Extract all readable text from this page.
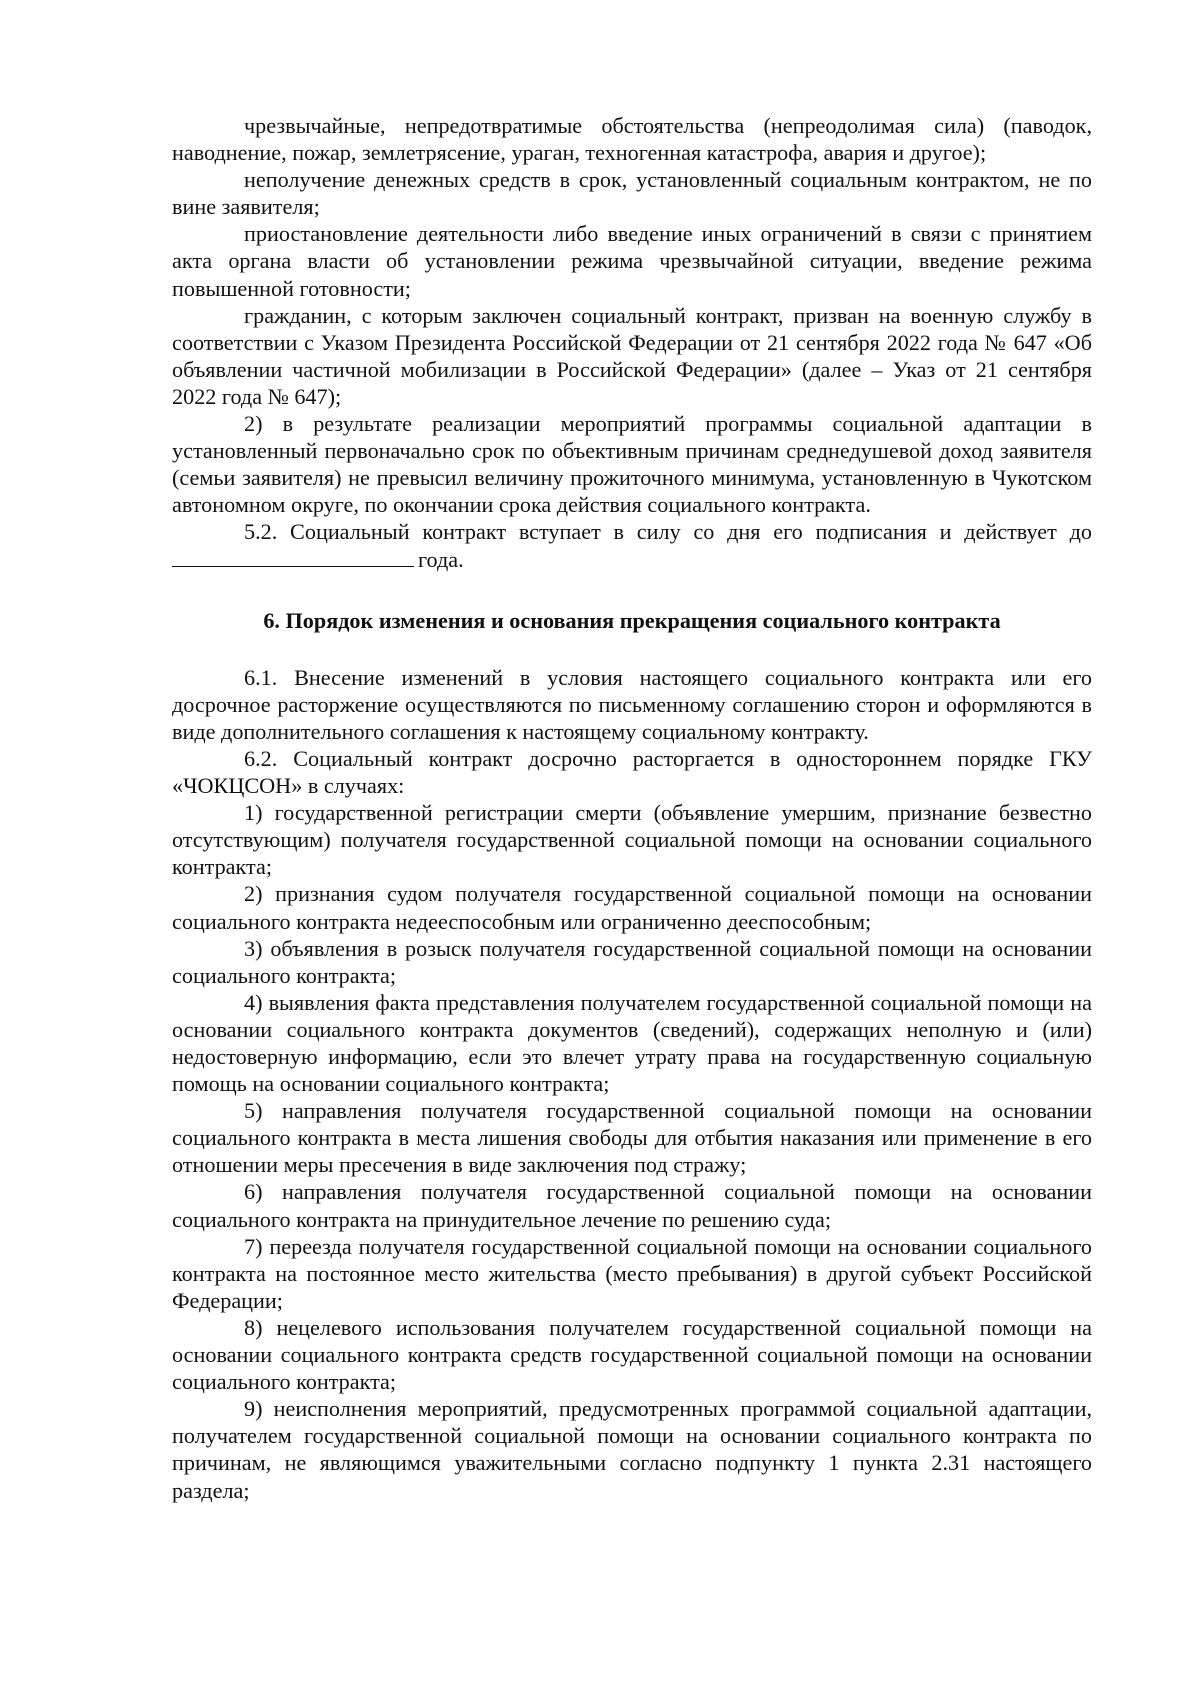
чрезвычайные, непредотвратимые обстоятельства (непреодолимая сила) (паводок, наводнение, пожар, землетрясение, ураган, техногенная катастрофа, авария и другое);

неполучение денежных средств в срок, установленный социальным контрактом, не по вине заявителя;

приостановление деятельности либо введение иных ограничений в связи с принятием акта органа власти об установлении режима чрезвычайной ситуации, введение режима повышенной готовности;

гражданин, с которым заключен социальный контракт, призван на военную службу в соответствии с Указом Президента Российской Федерации от 21 сентября 2022 года № 647 «Об объявлении частичной мобилизации в Российской Федерации» (далее – Указ от 21 сентября 2022 года № 647);

2) в результате реализации мероприятий программы социальной адаптации в установленный первоначально срок по объективным причинам среднедушевой доход заявителя (семьи заявителя) не превысил величину прожиточного минимума, установленную в Чукотском автономном округе, по окончании срока действия социального контракта.

5.2. Социальный контракт вступает в силу со дня его подписания и действует до года.

6. Порядок изменения и основания прекращения социального контракта

6.1. Внесение изменений в условия настоящего социального контракта или его досрочное расторжение осуществляются по письменному соглашению сторон и оформляются в виде дополнительного соглашения к настоящему социальному контракту.

6.2. Социальный контракт досрочно расторгается в одностороннем порядке ГКУ «ЧОКЦСОН» в случаях:

1) государственной регистрации смерти (объявление умершим, признание безвестно отсутствующим) получателя государственной социальной помощи на основании социального контракта;

2) признания судом получателя государственной социальной помощи на основании социального контракта недееспособным или ограниченно дееспособным;

3) объявления в розыск получателя государственной социальной помощи на основании социального контракта;

4) выявления факта представления получателем государственной социальной помощи на основании социального контракта документов (сведений), содержащих неполную и (или) недостоверную информацию, если это влечет утрату права на государственную социальную помощь на основании социального контракта;

5) направления получателя государственной социальной помощи на основании социального контракта в места лишения свободы для отбытия наказания или применение в его отношении меры пресечения в виде заключения под стражу;

6) направления получателя государственной социальной помощи на основании социального контракта на принудительное лечение по решению суда;

7) переезда получателя государственной социальной помощи на основании социального контракта на постоянное место жительства (место пребывания) в другой субъект Российской Федерации;

8) нецелевого использования получателем государственной социальной помощи на основании социального контракта средств государственной социальной помощи на основании социального контракта;

9) неисполнения мероприятий, предусмотренных программой социальной адаптации, получателем государственной социальной помощи на основании социального контракта по причинам, не являющимся уважительными согласно подпункту 1 пункта 2.31 настоящего раздела;
